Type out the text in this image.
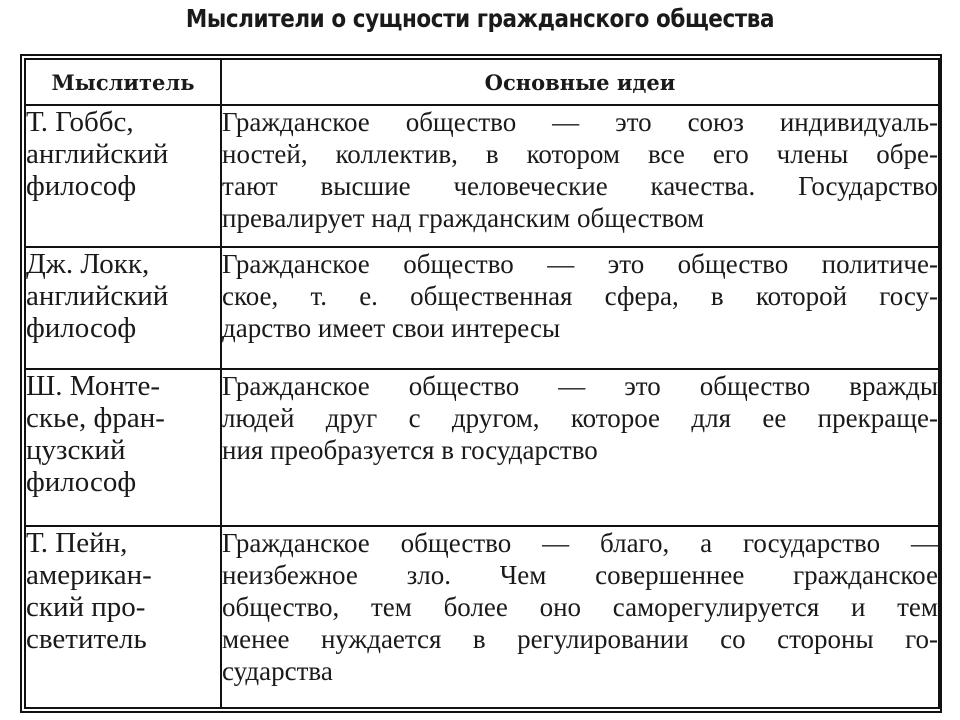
Мыслители о сущности гражданского общества
Мыслитель	Основные идеи

Т. Гоббс,
английский
философ	Гражданское общество — это союз индивидуаль-
ностей, коллектив, в котором все его члены обре-
тают высшие человеческие качества. Государство
превалирует над гражданским обществом

Дж. Локк,
английский
философ	Гражданское общество — это общество политиче-
ское, т. е. общественная сфера, в которой госу-
дарство имеет свои интересы

Ш. Монте-
скье, фран-
цузский
философ	Гражданское общество — это общество вражды
людей друг с другом, которое для ее прекраще-
ния преобразуется в государство

Т. Пейн,
американ-
ский про-
светитель	Гражданское общество — благо, а государство —
неизбежное зло. Чем совершеннее гражданское
общество, тем более оно саморегулируется и тем
менее нуждается в регулировании со стороны го-
сударства
